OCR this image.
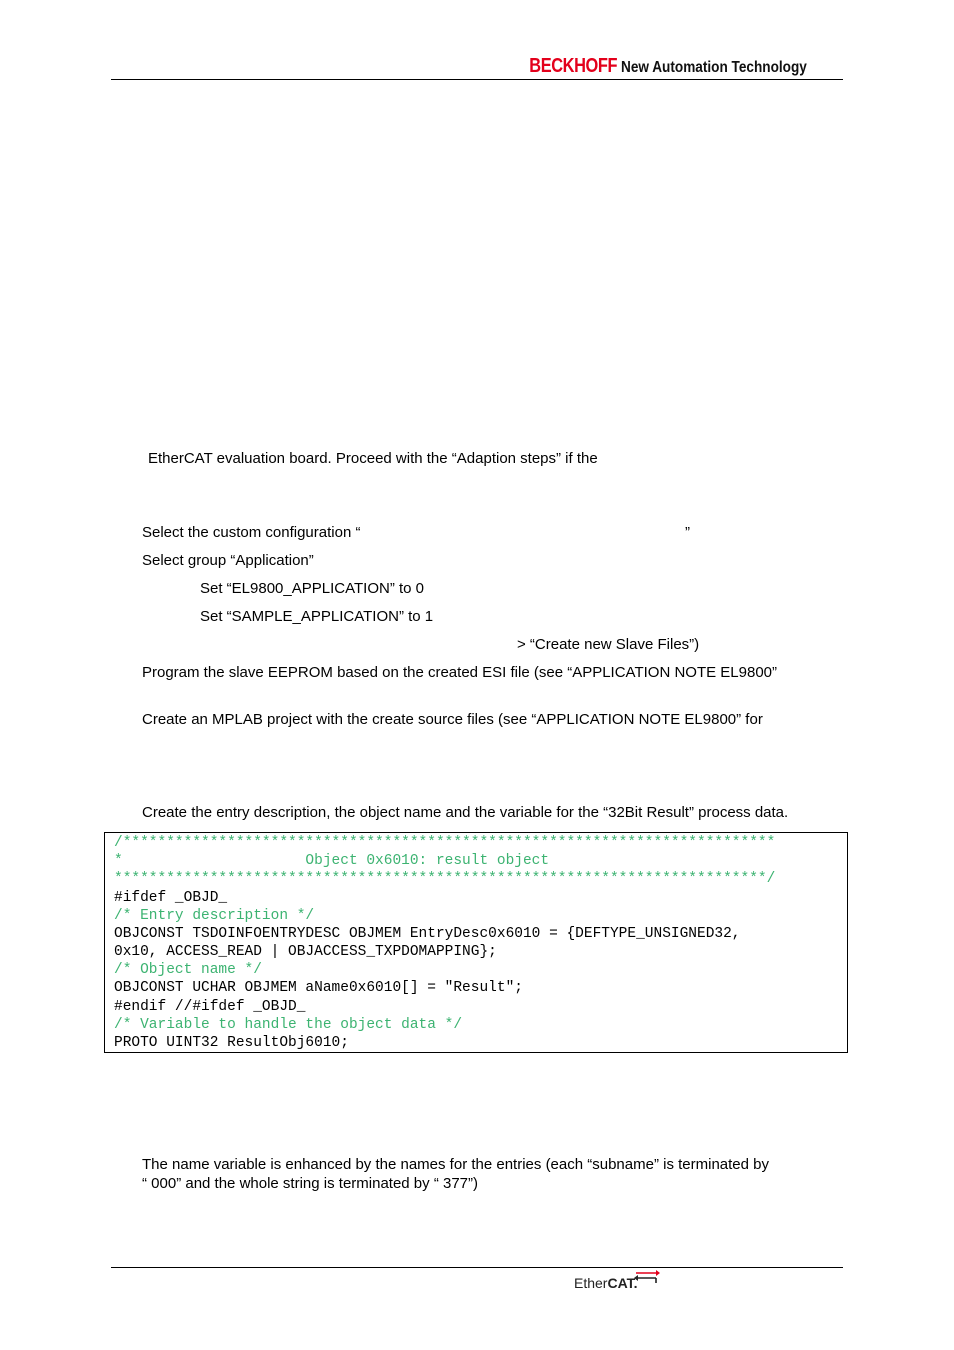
BECKHOFF New Automation Technology
EtherCAT evaluation board. Proceed with the “Adaption steps” if the
Select the custom configuration “	”
Select group “Application”
Set “EL9800_APPLICATION” to 0
Set “SAMPLE_APPLICATION” to 1
> “Create new Slave Files”)
Program the slave EEPROM based on the created ESI file (see “APPLICATION NOTE EL9800”
Create an MPLAB project with the create source files (see “APPLICATION NOTE EL9800” for
Create the entry description, the object name and the variable for the “32Bit Result” process data.
/***************************************************************************
*                     Object 0x6010: result object
***************************************************************************/
#ifdef _OBJD_
/* Entry description */
OBJCONST TSDOINFOENTRYDESC OBJMEM EntryDesc0x6010 = {DEFTYPE_UNSIGNED32,
0x10, ACCESS_READ | OBJACCESS_TXPDOMAPPING};
/* Object name */
OBJCONST UCHAR OBJMEM aName0x6010[] = "Result";
#endif //#ifdef _OBJD_
/* Variable to handle the object data */
PROTO UINT32 ResultObj6010;
The name variable is enhanced by the names for the entries (each “subname” is terminated by
“ 000” and the whole string is terminated by “ 377”)
EtherCAT.
